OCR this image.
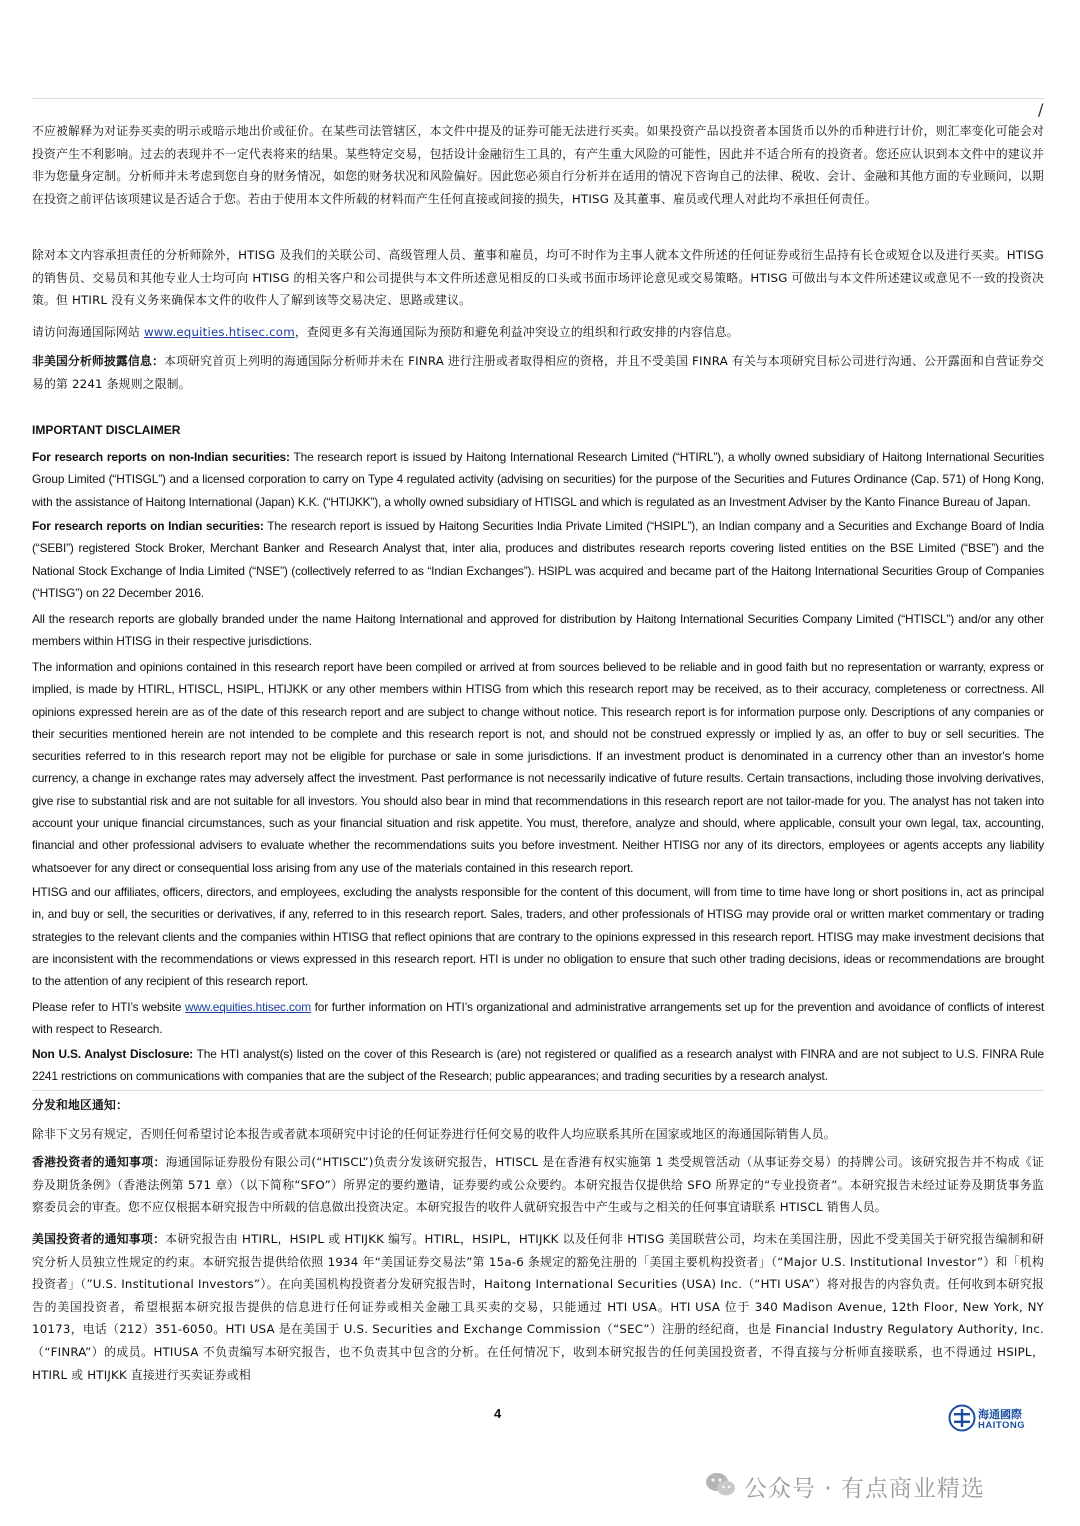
/

不应被解释为对证券买卖的明示或暗示地出价或征价。在某些司法管辖区，本文件中提及的证券可能无法进行买卖。如果投资产品以投资者本国货币以外的币种进行计价，则汇率变化可能会对投资产生不利影响。过去的表现并不一定代表将来的结果。某些特定交易，包括设计金融衍生工具的，有产生重大风险的可能性，因此并不适合所有的投资者。您还应认识到本文件中的建议并非为您量身定制。分析师并未考虑到您自身的财务情况，如您的财务状况和风险偏好。因此您必须自行分析并在适用的情况下咨询自己的法律、税收、会计、金融和其他方面的专业顾问，以期在投资之前评估该项建议是否适合于您。若由于使用本文件所载的材料而产生任何直接或间接的损失，HTISG 及其董事、雇员或代理人对此均不承担任何责任。

除对本文内容承担责任的分析师除外，HTISG 及我们的关联公司、高级管理人员、董事和雇员，均可不时作为主事人就本文件所述的任何证券或衍生品持有长仓或短仓以及进行买卖。HTISG 的销售员、交易员和其他专业人士均可向 HTISG 的相关客户和公司提供与本文件所述意见相反的口头或书面市场评论意见或交易策略。HTISG 可做出与本文件所述建议或意见不一致的投资决策。但 HTIRL 没有义务来确保本文件的收件人了解到该等交易决定、思路或建议。

请访问海通国际网站 www.equities.htisec.com，查阅更多有关海通国际为预防和避免利益冲突设立的组织和行政安排的内容信息。

非美国分析师披露信息：本项研究首页上列明的海通国际分析师并未在 FINRA 进行注册或者取得相应的资格，并且不受美国 FINRA 有关与本项研究目标公司进行沟通、公开露面和自营证券交易的第 2241 条规则之限制。

IMPORTANT DISCLAIMER

For research reports on non-Indian securities: The research report is issued by Haitong International Research Limited (“HTIRL”), a wholly owned subsidiary of Haitong International Securities Group Limited (“HTISGL”) and a licensed corporation to carry on Type 4 regulated activity (advising on securities) for the purpose of the Securities and Futures Ordinance (Cap. 571) of Hong Kong, with the assistance of Haitong International (Japan) K.K. (“HTIJKK”), a wholly owned subsidiary of HTISGL and which is regulated as an Investment Adviser by the Kanto Finance Bureau of Japan.

For research reports on Indian securities: The research report is issued by Haitong Securities India Private Limited (“HSIPL”), an Indian company and a Securities and Exchange Board of India (“SEBI”) registered Stock Broker, Merchant Banker and Research Analyst that, inter alia, produces and distributes research reports covering listed entities on the BSE Limited (“BSE”) and the National Stock Exchange of India Limited (“NSE”) (collectively referred to as “Indian Exchanges”). HSIPL was acquired and became part of the Haitong International Securities Group of Companies (“HTISG”) on 22 December 2016.

All the research reports are globally branded under the name Haitong International and approved for distribution by Haitong International Securities Company Limited (“HTISCL”) and/or any other members within HTISG in their respective jurisdictions.

The information and opinions contained in this research report have been compiled or arrived at from sources believed to be reliable and in good faith but no representation or warranty, express or implied, is made by HTIRL, HTISCL, HSIPL, HTIJKK or any other members within HTISG from which this research report may be received, as to their accuracy, completeness or correctness. All opinions expressed herein are as of the date of this research report and are subject to change without notice. This research report is for information purpose only. Descriptions of any companies or their securities mentioned herein are not intended to be complete and this research report is not, and should not be construed expressly or implied ly as, an offer to buy or sell securities. The securities referred to in this research report may not be eligible for purchase or sale in some jurisdictions. If an investment product is denominated in a currency other than an investor's home currency, a change in exchange rates may adversely affect the investment. Past performance is not necessarily indicative of future results. Certain transactions, including those involving derivatives, give rise to substantial risk and are not suitable for all investors. You should also bear in mind that recommendations in this research report are not tailor-made for you. The analyst has not taken into account your unique financial circumstances, such as your financial situation and risk appetite. You must, therefore, analyze and should, where applicable, consult your own legal, tax, accounting, financial and other professional advisers to evaluate whether the recommendations suits you before investment. Neither HTISG nor any of its directors, employees or agents accepts any liability whatsoever for any direct or consequential loss arising from any use of the materials contained in this research report.

HTISG and our affiliates, officers, directors, and employees, excluding the analysts responsible for the content of this document, will from time to time have long or short positions in, act as principal in, and buy or sell, the securities or derivatives, if any, referred to in this research report. Sales, traders, and other professionals of HTISG may provide oral or written market commentary or trading strategies to the relevant clients and the companies within HTISG that reflect opinions that are contrary to the opinions expressed in this research report. HTISG may make investment decisions that are inconsistent with the recommendations or views expressed in this research report. HTI is under no obligation to ensure that such other trading decisions, ideas or recommendations are brought to the attention of any recipient of this research report.

Please refer to HTI’s website www.equities.htisec.com for further information on HTI’s organizational and administrative arrangements set up for the prevention and avoidance of conflicts of interest with respect to Research.

Non U.S. Analyst Disclosure: The HTI analyst(s) listed on the cover of this Research is (are) not registered or qualified as a research analyst with FINRA and are not subject to U.S. FINRA Rule 2241 restrictions on communications with companies that are the subject of the Research; public appearances; and trading securities by a research analyst.

分发和地区通知：

除非下文另有规定，否则任何希望讨论本报告或者就本项研究中讨论的任何证券进行任何交易的收件人均应联系其所在国家或地区的海通国际销售人员。

香港投资者的通知事项：海通国际证券股份有限公司(“HTISCL”)负责分发该研究报告，HTISCL 是在香港有权实施第 1 类受规管活动（从事证券交易）的持牌公司。该研究报告并不构成《证券及期货条例》（香港法例第 571 章）（以下简称“SFO”）所界定的要约邀请，证券要约或公众要约。本研究报告仅提供给 SFO 所界定的“专业投资者”。本研究报告未经过证券及期货事务监察委员会的审查。您不应仅根据本研究报告中所载的信息做出投资决定。本研究报告的收件人就研究报告中产生或与之相关的任何事宜请联系 HTISCL 销售人员。

美国投资者的通知事项：本研究报告由 HTIRL，HSIPL 或 HTIJKK 编写。HTIRL，HSIPL，HTIJKK 以及任何非 HTISG 美国联营公司，均未在美国注册，因此不受美国关于研究报告编制和研究分析人员独立性规定的约束。本研究报告提供给依照 1934 年“美国证券交易法”第 15a-6 条规定的豁免注册的「美国主要机构投资者」（“Major U.S. Institutional Investor”）和「机构投资者」（”U.S. Institutional Investors”）。在向美国机构投资者分发研究报告时，Haitong International Securities (USA) Inc.（“HTI USA”）将对报告的内容负责。任何收到本研究报告的美国投资者，希望根据本研究报告提供的信息进行任何证券或相关金融工具买卖的交易，只能通过 HTI USA。HTI USA 位于 340 Madison Avenue, 12th Floor, New York, NY 10173，电话（212）351-6050。HTI USA 是在美国于 U.S. Securities and Exchange Commission（“SEC”）注册的经纪商，也是 Financial Industry Regulatory Authority, Inc.（“FINRA”）的成员。HTIUSA 不负责编写本研究报告，也不负责其中包含的分析。在任何情况下，收到本研究报告的任何美国投资者，不得直接与分析师直接联系，也不得通过 HSIPL，HTIRL 或 HTIJKK 直接进行买卖证券或相

4	海通國際
HAITONG
公众号 · 有点商业精选
